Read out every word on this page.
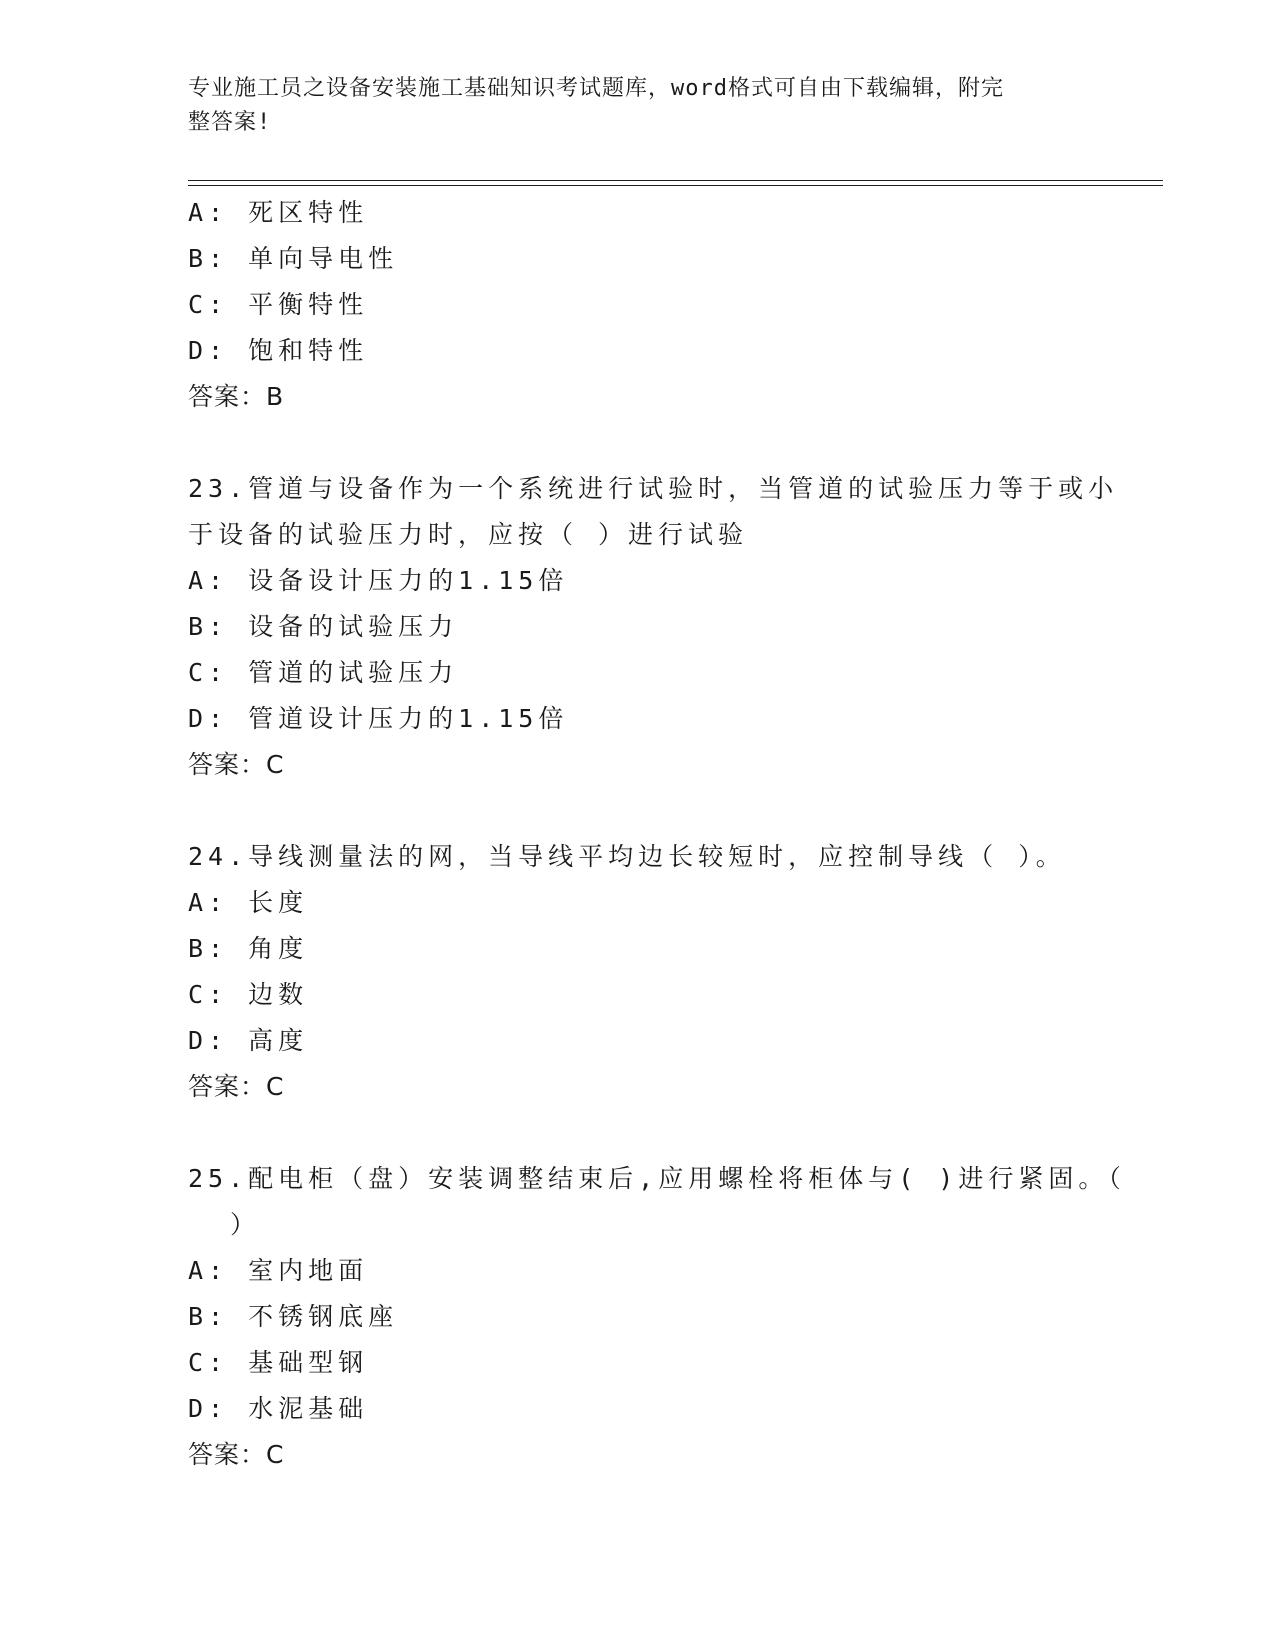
专业施工员之设备安装施工基础知识考试题库，word格式可自由下载编辑，附完
整答案!
A: 死区特性
B: 单向导电性
C: 平衡特性
D: 饱和特性
答案：B
23.管道与设备作为一个系统进行试验时，当管道的试验压力等于或小
于设备的试验压力时，应按（ ）进行试验
A: 设备设计压力的1.15倍
B: 设备的试验压力
C: 管道的试验压力
D: 管道设计压力的1.15倍
答案：C
24.导线测量法的网，当导线平均边长较短时，应控制导线（ ）。
A: 长度
B: 角度
C: 边数
D: 高度
答案：C
25.配电柜（盘）安装调整结束后,应用螺栓将柜体与( )进行紧固。（
）
A: 室内地面
B: 不锈钢底座
C: 基础型钢
D: 水泥基础
答案：C
